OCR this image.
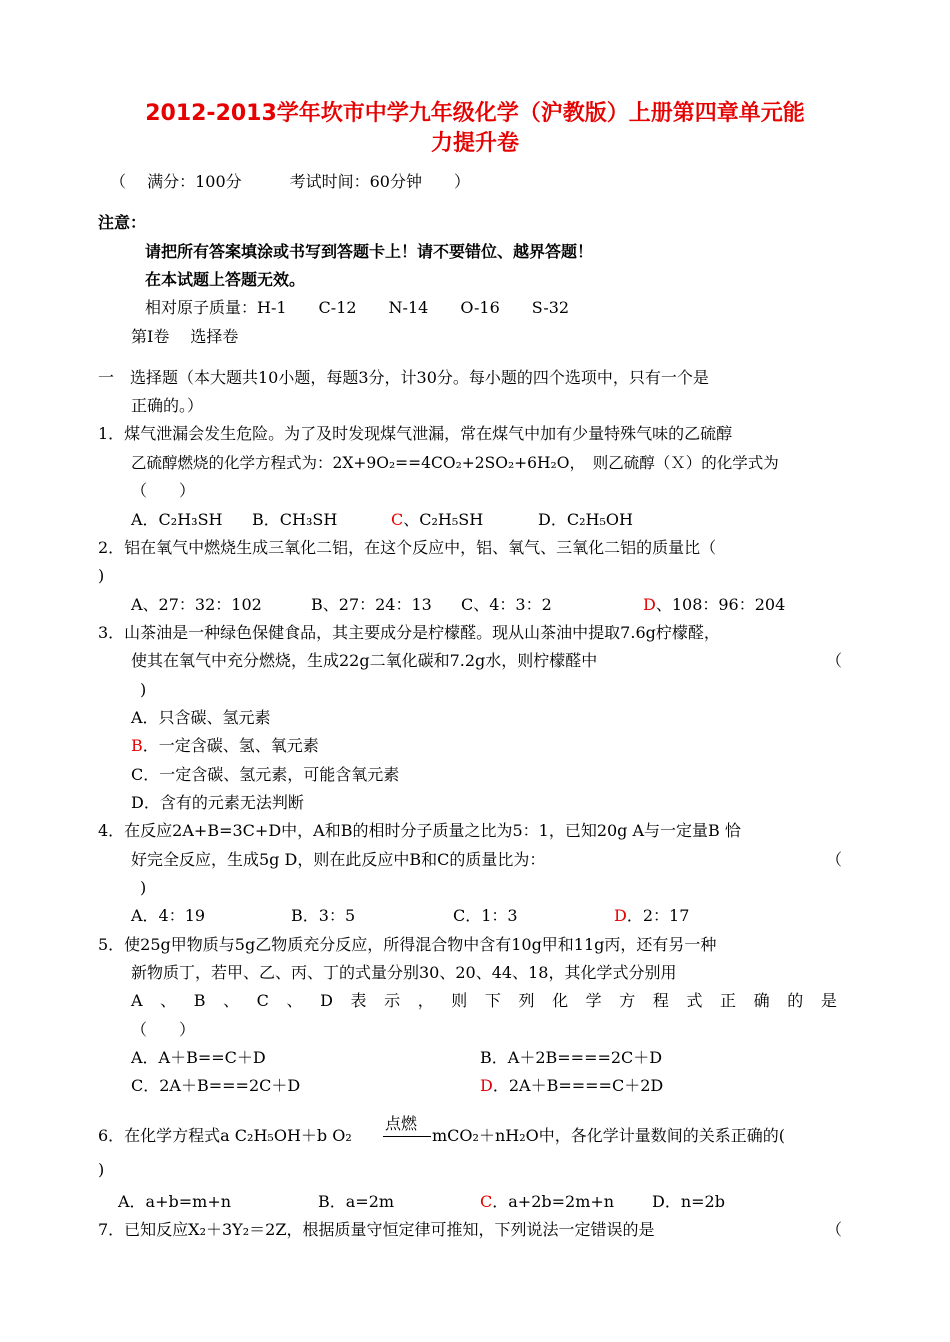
2012-2013学年坎市中学九年级化学（沪教版）上册第四章单元能
力提升卷
（　 满分：100分　　　考试时间：60分钟　　）
注意：
请把所有答案填涂或书写到答题卡上！请不要错位、越界答题！
在本试题上答题无效。
相对原子质量：H-1　　C-12　　N-14　　O-16　　S-32
第Ⅰ卷　 选择卷
一　选择题（本大题共10小题，每题3分，计30分。每小题的四个选项中，只有一个是
正确的。）
1．煤气泄漏会发生危险。为了及时发现煤气泄漏，常在煤气中加有少量特殊气味的乙硫醇
乙硫醇燃烧的化学方程式为：2X+9O₂==4CO₂+2SO₂+6H₂O，　则乙硫醇（Ｘ）的化学式为
（　　）
A．C₂H₃SH B．CH₃SH	C、C₂H₅SH	D．C₂H₅OH
2．铝在氧气中燃烧生成三氧化二铝，在这个反应中，铝、氧气、三氧化二铝的质量比（
)
A、27：32：102	B、27：24：13 C、4：3：2	D、108：96：204
3．山茶油是一种绿色保健食品，其主要成分是柠檬醛。现从山茶油中提取7.6g柠檬醛，
使其在氧气中充分燃烧，生成22g二氧化碳和7.2g水，则柠檬醛中	（
)
A．只含碳、氢元素
B．一定含碳、氢、氧元素
C．一定含碳、氢元素，可能含氧元素
D．含有的元素无法判断
4．在反应2A+B=3C+D中，A和B的相时分子质量之比为5：1，已知20g A与一定量B 恰
好完全反应，生成5g D，则在此反应中B和C的质量比为：	（
)
A．4：19	B．3：5	C．1：3	D．2：17
5．使25g甲物质与5g乙物质充分反应，所得混合物中含有10g甲和11g丙，还有另一种
新物质丁，若甲、乙、丙、丁的式量分别30、20、44、18，其化学式分别用
A 、 B 、 C 、 D 表 示 ， 则 下 列 化 学 方 程 式 正 确 的 是
（　　）
A．A＋B==C＋D	B．A＋2B====2C＋D
C．2A＋B===2C＋D	D．2A＋B====C＋2D
点燃
6．在化学方程式a C₂H₅OH＋b O₂	mCO₂＋nH₂O中，各化学计量数间的关系正确的(
)
A．a+b=m+n	B．a=2m	C．a+2b=2m+n D．n=2b
7．已知反应X₂＋3Y₂＝2Z，根据质量守恒定律可推知，下列说法一定错误的是	（
